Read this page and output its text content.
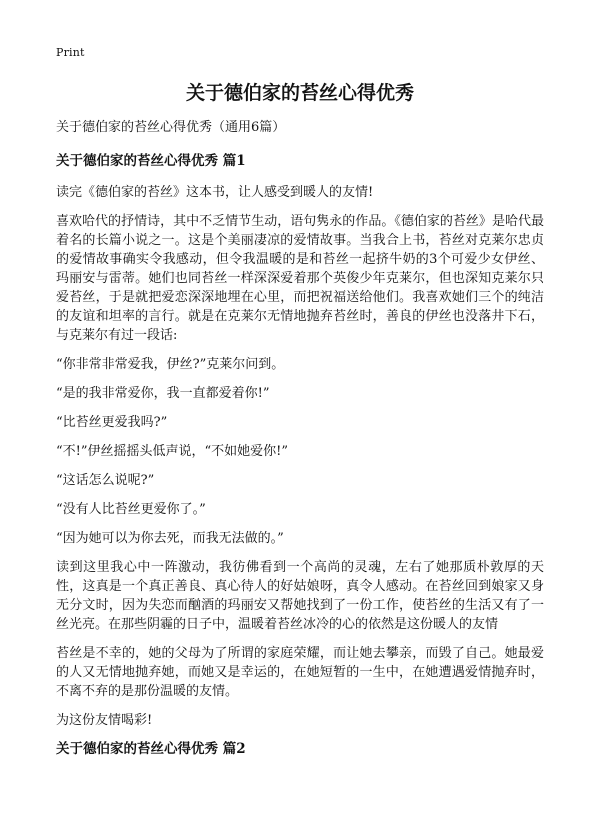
Print
关于德伯家的苔丝心得优秀

关于德伯家的苔丝心得优秀（通用6篇）

关于德伯家的苔丝心得优秀 篇1

读完《德伯家的苔丝》这本书，让人感受到暖人的友情!

喜欢哈代的抒情诗，其中不乏情节生动，语句隽永的作品。《德伯家的苔丝》是哈代最着名的长篇小说之一。这是个美丽凄凉的爱情故事。当我合上书，苔丝对克莱尔忠贞的爱情故事确实令我感动，但令我温暖的是和苔丝一起挤牛奶的3个可爱少女伊丝、玛丽安与雷蒂。她们也同苔丝一样深深爱着那个英俊少年克莱尔，但也深知克莱尔只爱苔丝，于是就把爱恋深深地埋在心里，而把祝福送给他们。我喜欢她们三个的纯洁的友谊和坦率的言行。就是在克莱尔无情地抛弃苔丝时，善良的伊丝也没落井下石，与克莱尔有过一段话:

“你非常非常爱我，伊丝?”克莱尔问到。

“是的我非常爱你，我一直都爱着你!”

“比苔丝更爱我吗?”

“不!”伊丝摇摇头低声说，“不如她爱你!”

“这话怎么说呢?”

“没有人比苔丝更爱你了。”

“因为她可以为你去死，而我无法做的。”

读到这里我心中一阵激动，我彷佛看到一个高尚的灵魂，左右了她那质朴敦厚的天性，这真是一个真正善良、真心待人的好姑娘呀，真令人感动。在苔丝回到娘家又身无分文时，因为失恋而酗酒的玛丽安又帮她找到了一份工作，使苔丝的生活又有了一丝光亮。在那些阴霾的日子中，温暖着苔丝冰冷的心的依然是这份暖人的友情

苔丝是不幸的，她的父母为了所谓的家庭荣耀，而让她去攀亲，而毁了自己。她最爱的人又无情地抛弃她，而她又是幸运的，在她短暂的一生中，在她遭遇爱情抛弃时，不离不弃的是那份温暖的友情。

为这份友情喝彩!

关于德伯家的苔丝心得优秀 篇2
